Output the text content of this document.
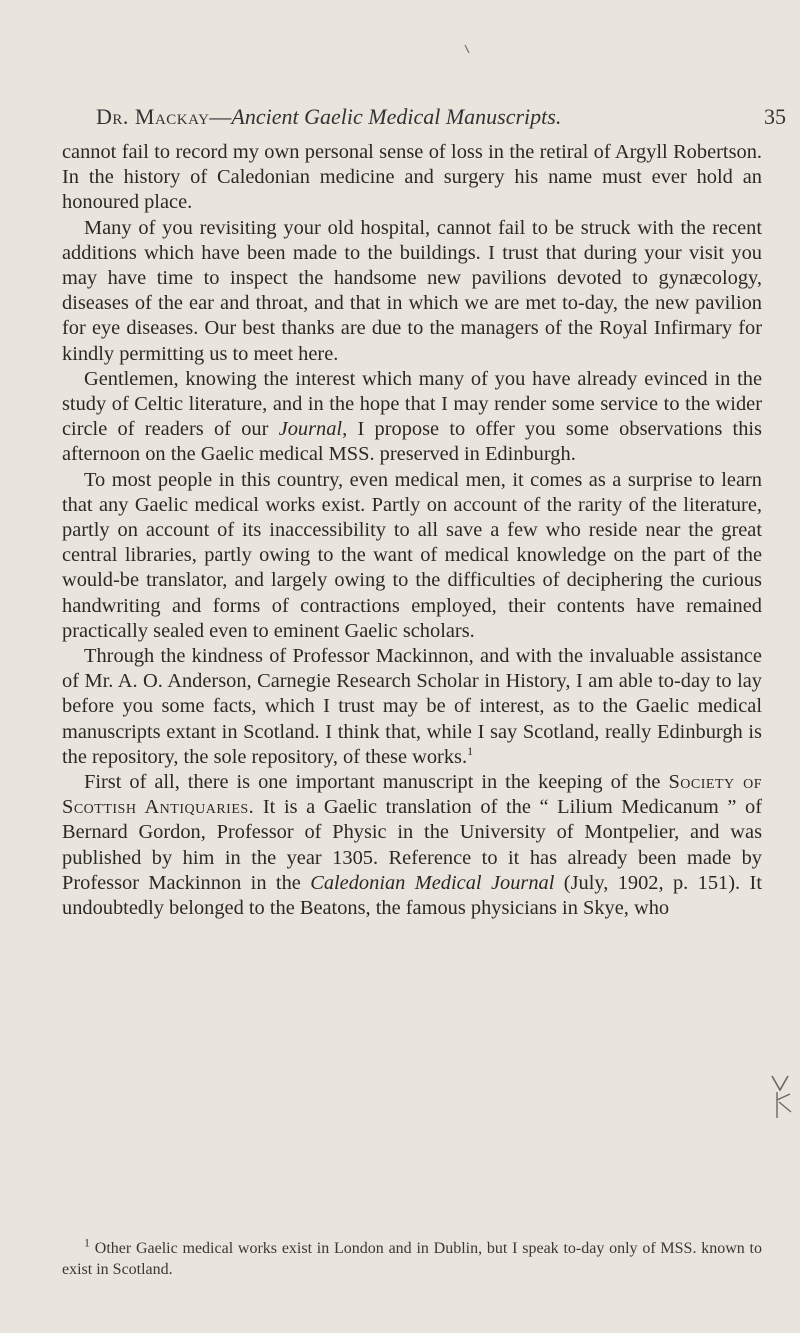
Dr. Mackay—Ancient Gaelic Medical Manuscripts.	35

cannot fail to record my own personal sense of loss in the retiral of Argyll Robertson. In the history of Caledonian medicine and surgery his name must ever hold an honoured place.

Many of you revisiting your old hospital, cannot fail to be struck with the recent additions which have been made to the buildings. I trust that during your visit you may have time to inspect the handsome new pavilions devoted to gynæcology, diseases of the ear and throat, and that in which we are met to-day, the new pavilion for eye diseases. Our best thanks are due to the managers of the Royal Infirmary for kindly permitting us to meet here.

Gentlemen, knowing the interest which many of you have already evinced in the study of Celtic literature, and in the hope that I may render some service to the wider circle of readers of our Journal, I propose to offer you some observations this afternoon on the Gaelic medical MSS. preserved in Edinburgh.

To most people in this country, even medical men, it comes as a surprise to learn that any Gaelic medical works exist. Partly on account of the rarity of the literature, partly on account of its inaccessibility to all save a few who reside near the great central libraries, partly owing to the want of medical knowledge on the part of the would-be translator, and largely owing to the difficulties of deciphering the curious handwriting and forms of contractions employed, their contents have remained practically sealed even to eminent Gaelic scholars.

Through the kindness of Professor Mackinnon, and with the invaluable assistance of Mr. A. O. Anderson, Carnegie Research Scholar in History, I am able to-day to lay before you some facts, which I trust may be of interest, as to the Gaelic medical manuscripts extant in Scotland. I think that, while I say Scotland, really Edinburgh is the repository, the sole repository, of these works.$^1$

First of all, there is one important manuscript in the keeping of the Society of Scottish Antiquaries. It is a Gaelic translation of the “ Lilium Medicanum ” of Bernard Gordon, Professor of Physic in the University of Montpelier, and was published by him in the year 1305. Reference to it has already been made by Professor Mackinnon in the Caledonian Medical Journal (July, 1902, p. 151). It undoubtedly belonged to the Beatons, the famous physicians in Skye, who

$^1$ Other Gaelic medical works exist in London and in Dublin, but I speak to-day only of MSS. known to exist in Scotland.
